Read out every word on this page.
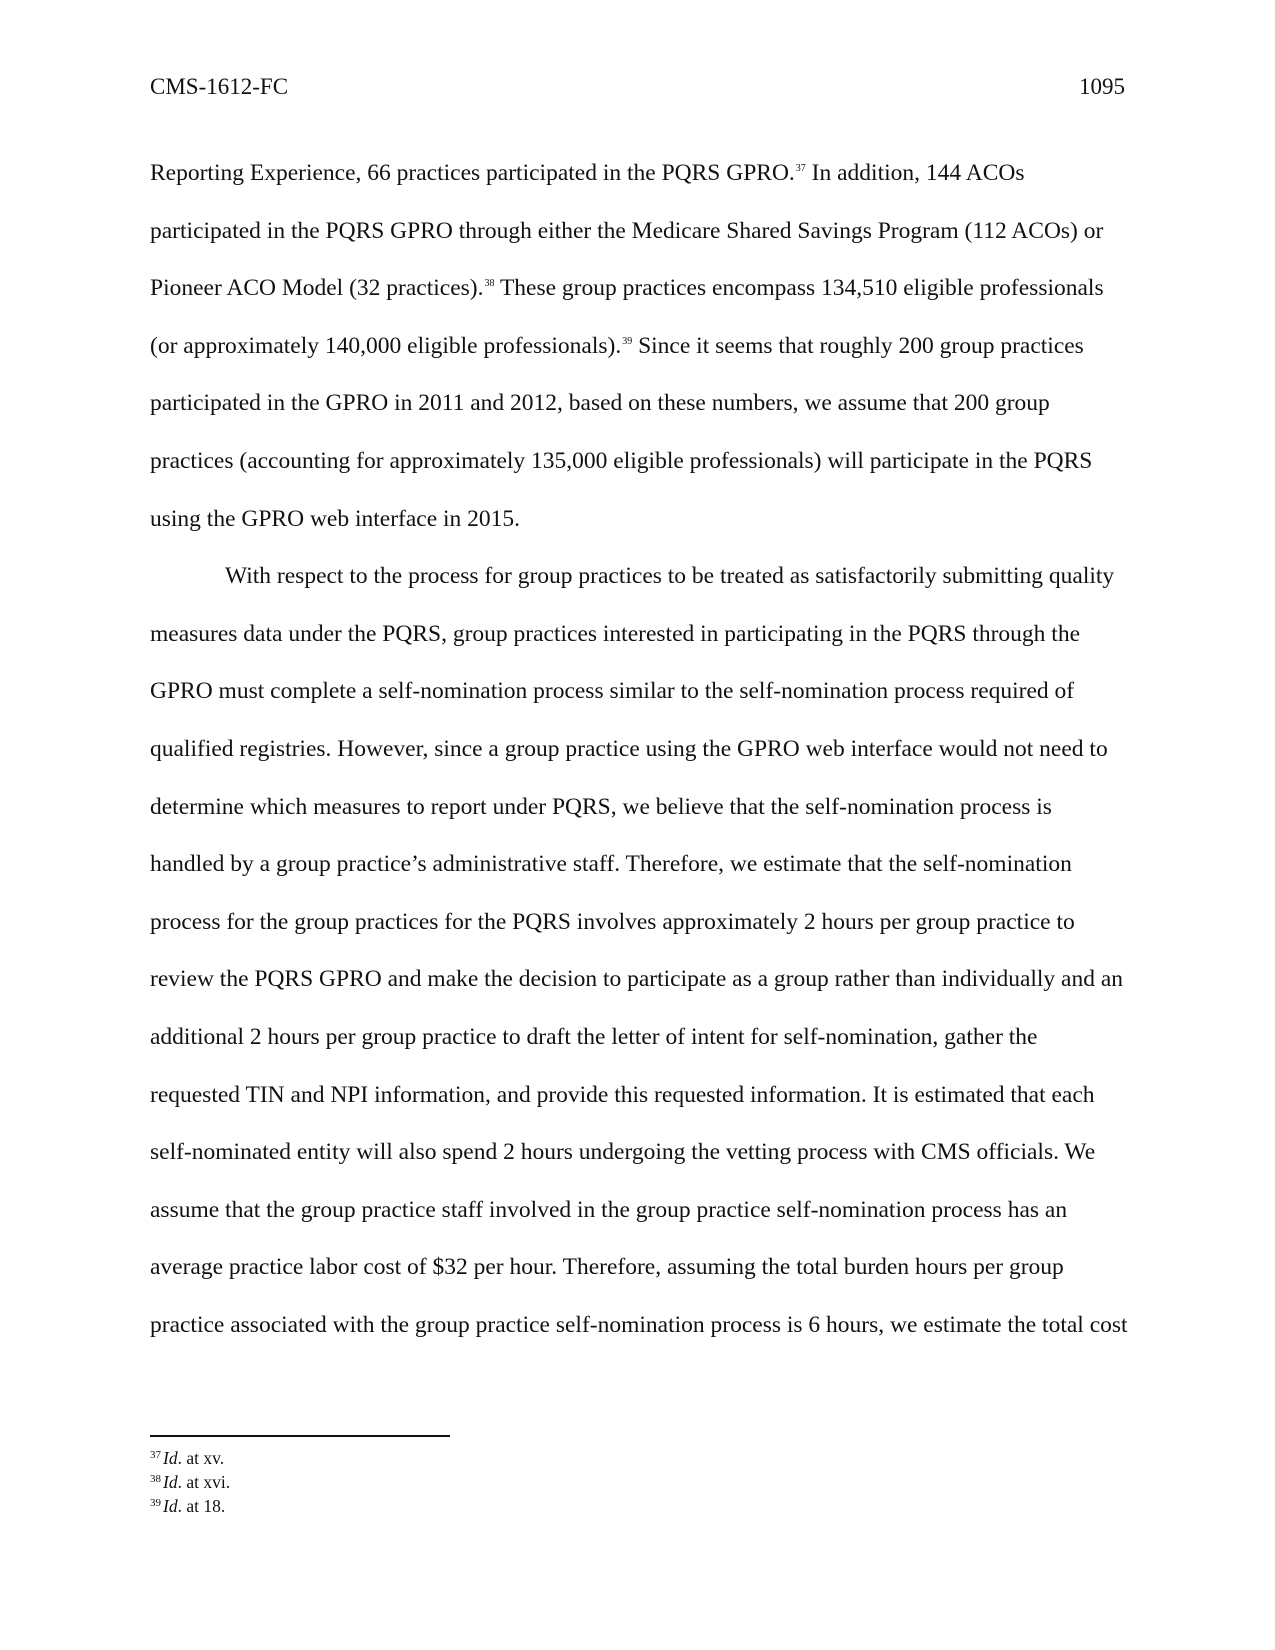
CMS-1612-FC	1095

Reporting Experience, 66 practices participated in the PQRS GPRO.$^{37}$ In addition, 144 ACOs participated in the PQRS GPRO through either the Medicare Shared Savings Program (112 ACOs) or Pioneer ACO Model (32 practices).$^{38}$ These group practices encompass 134,510 eligible professionals (or approximately 140,000 eligible professionals).$^{39}$ Since it seems that roughly 200 group practices participated in the GPRO in 2011 and 2012, based on these numbers, we assume that 200 group practices (accounting for approximately 135,000 eligible professionals) will participate in the PQRS using the GPRO web interface in 2015.

With respect to the process for group practices to be treated as satisfactorily submitting quality measures data under the PQRS, group practices interested in participating in the PQRS through the GPRO must complete a self-nomination process similar to the self-nomination process required of qualified registries. However, since a group practice using the GPRO web interface would not need to determine which measures to report under PQRS, we believe that the self-nomination process is handled by a group practice’s administrative staff. Therefore, we estimate that the self-nomination process for the group practices for the PQRS involves approximately 2 hours per group practice to review the PQRS GPRO and make the decision to participate as a group rather than individually and an additional 2 hours per group practice to draft the letter of intent for self-nomination, gather the requested TIN and NPI information, and provide this requested information. It is estimated that each self-nominated entity will also spend 2 hours undergoing the vetting process with CMS officials. We assume that the group practice staff involved in the group practice self-nomination process has an average practice labor cost of $32 per hour. Therefore, assuming the total burden hours per group practice associated with the group practice self-nomination process is 6 hours, we estimate the total cost

$^{37}$ Id. at xv.
$^{38}$ Id. at xvi.
$^{39}$ Id. at 18.
